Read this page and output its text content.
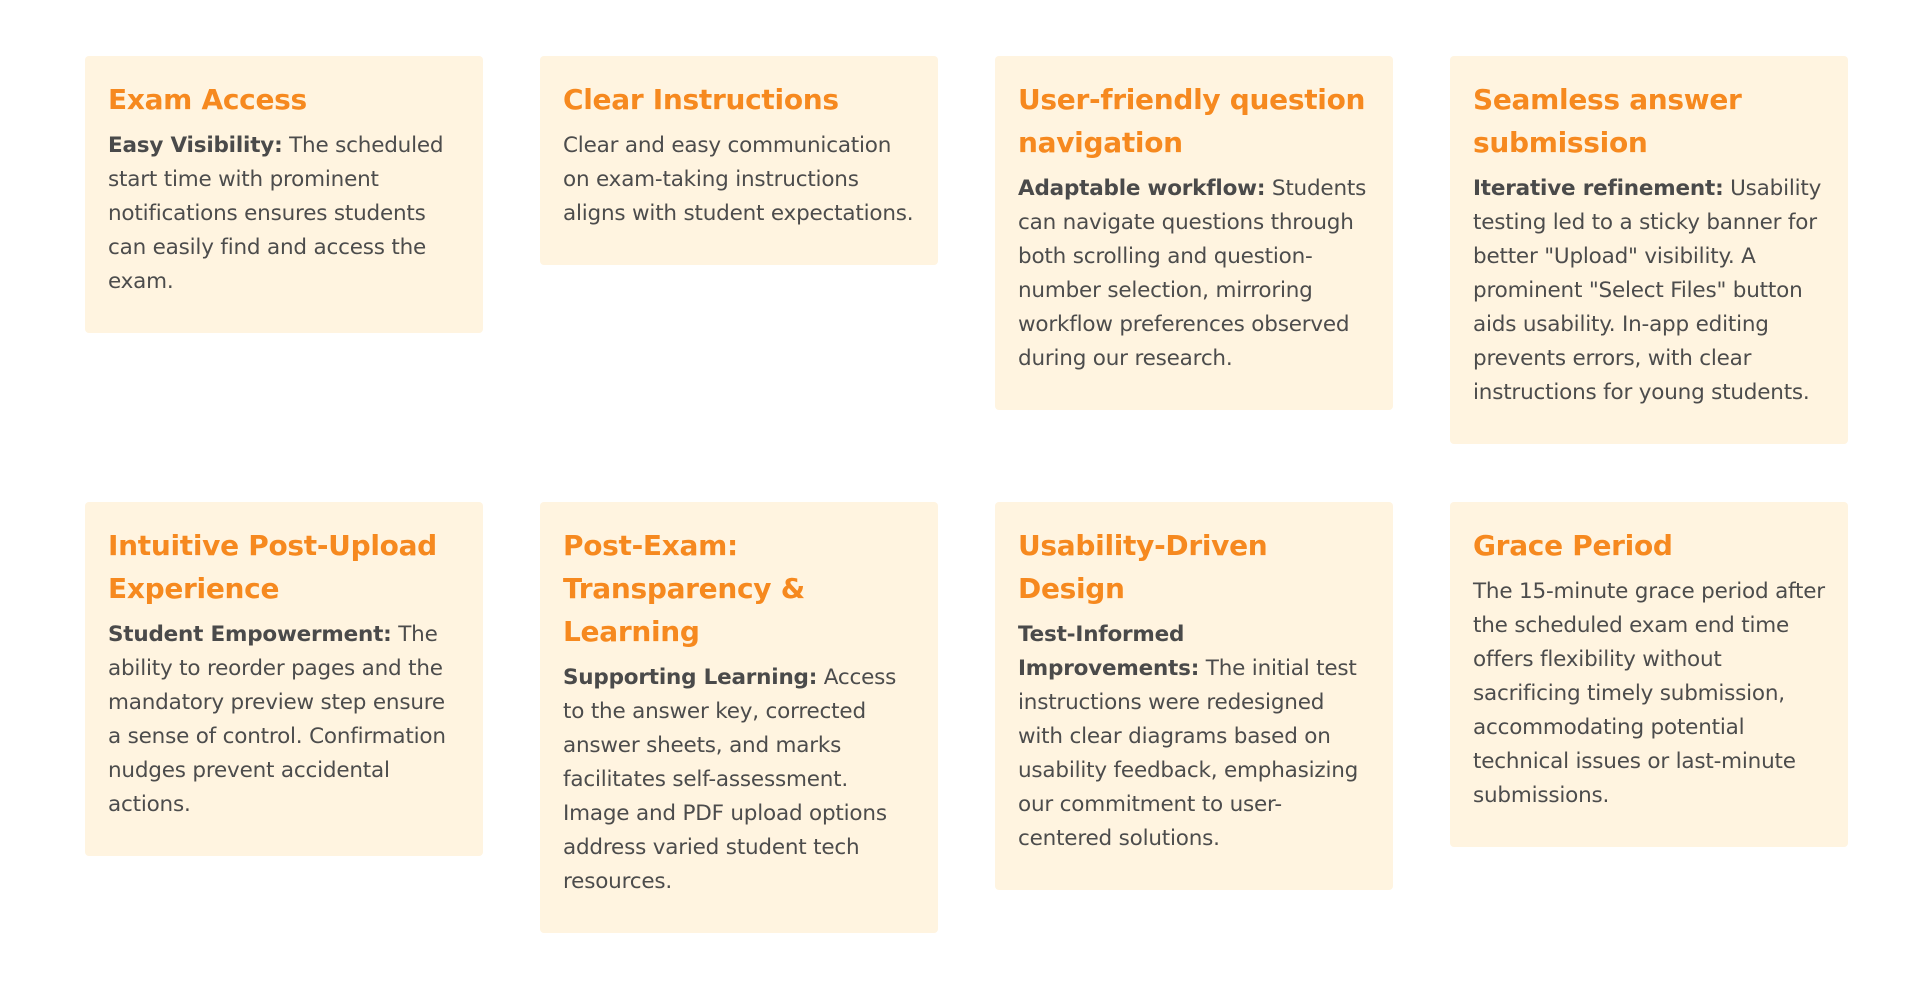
Exam Access

Easy Visibility: The scheduled start time with prominent notifications ensures students can easily find and access the exam.

Clear Instructions

Clear and easy communication on exam-taking instructions aligns with student expectations.

User-friendly question navigation

Adaptable workflow: Students can navigate questions through both scrolling and question-number selection, mirroring workflow preferences observed during our research.

Seamless answer submission

Iterative refinement: Usability testing led to a sticky banner for better "Upload" visibility. A prominent "Select Files" button aids usability. In-app editing prevents errors, with clear instructions for young students.

Intuitive Post-Upload Experience

Student Empowerment: The ability to reorder pages and the mandatory preview step ensure a sense of control. Confirmation nudges prevent accidental actions.

Post-Exam: Transparency & Learning

Supporting Learning: Access to the answer key, corrected answer sheets, and marks facilitates self-assessment. Image and PDF upload options address varied student tech resources.

Usability-Driven Design

Test-Informed Improvements: The initial test instructions were redesigned with clear diagrams based on usability feedback, emphasizing our commitment to user-centered solutions.

Grace Period

The 15-minute grace period after the scheduled exam end time offers flexibility without sacrificing timely submission, accommodating potential technical issues or last-minute submissions.
